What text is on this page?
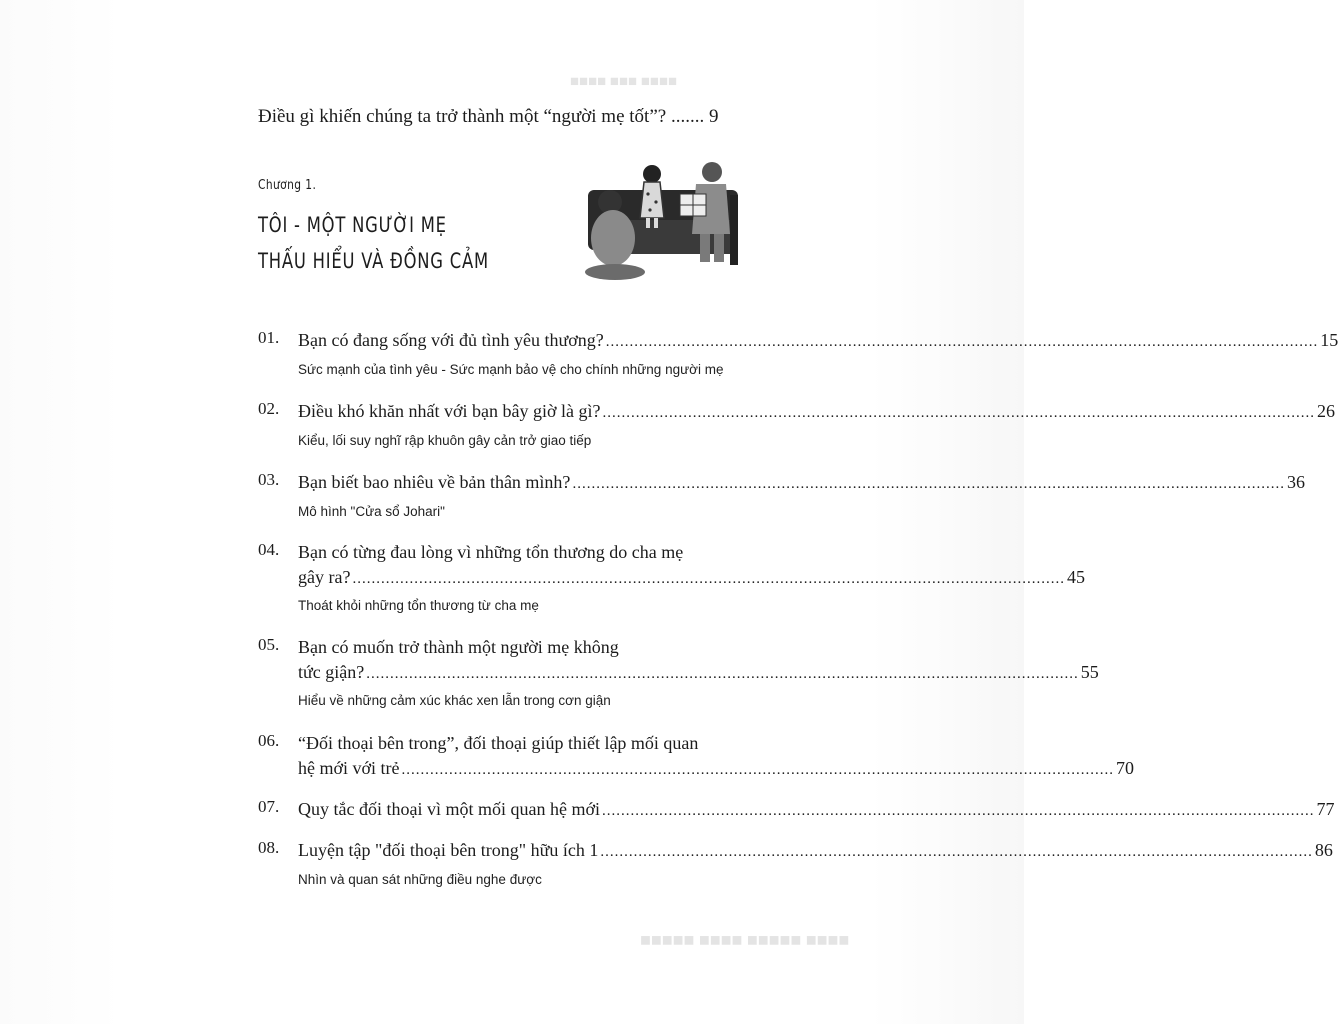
■■■■ ■■■ ■■■■
■■■■ ■■■■■ ■■■■ ■■■■■
Điều gì khiến chúng ta trở thành một “người mẹ tốt”? ....... 9
Chương 1.
TÔI - MỘT NGƯỜI MẸ
THẤU HIỂU VÀ ĐỒNG CẢM
01. Bạn có đang sống với đủ tình yêu thương? ...................................................................................................................................................... 15
Sức mạnh của tình yêu - Sức mạnh bảo vệ cho chính những người mẹ
02. Điều khó khăn nhất với bạn bây giờ là gì? ...................................................................................................................................................... 26
Kiểu, lối suy nghĩ rập khuôn gây cản trở giao tiếp
03. Bạn biết bao nhiêu về bản thân mình? ...................................................................................................................................................... 36
Mô hình "Cửa sổ Johari"
04. Bạn có từng đau lòng vì những tổn thương do cha mẹ
gây ra? ...................................................................................................................................................... 45
Thoát khỏi những tổn thương từ cha mẹ
05. Bạn có muốn trở thành một người mẹ không
tức giận? ...................................................................................................................................................... 55
Hiểu về những cảm xúc khác xen lẫn trong cơn giận
06. “Đối thoại bên trong”, đối thoại giúp thiết lập mối quan
hệ mới với trẻ ...................................................................................................................................................... 70
07. Quy tắc đối thoại vì một mối quan hệ mới ...................................................................................................................................................... 77
08. Luyện tập "đối thoại bên trong" hữu ích 1 ...................................................................................................................................................... 86
Nhìn và quan sát những điều nghe được
